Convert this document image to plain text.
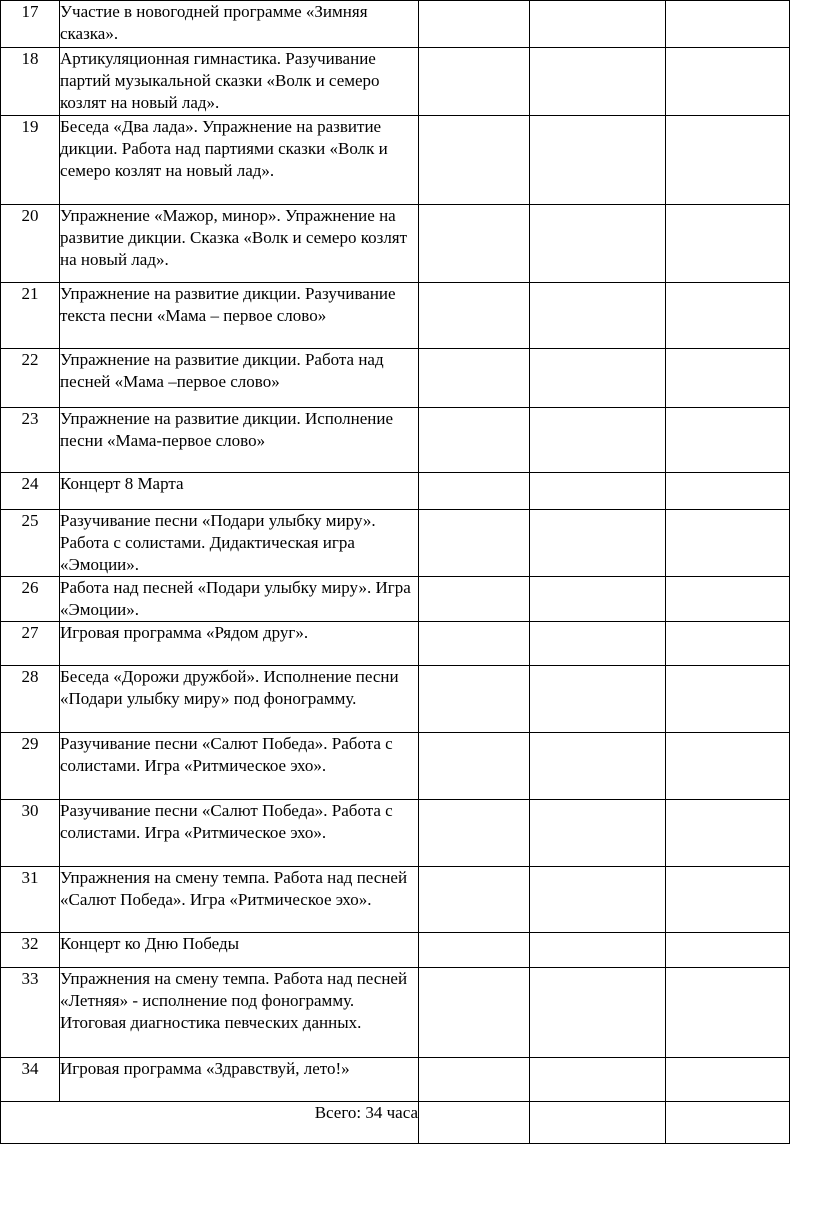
17	Участие в новогодней программе «Зимняя сказка».			
18	Артикуляционная гимнастика. Разучивание партий музыкальной сказки «Волк и семеро козлят на новый лад».			
19	Беседа «Два лада». Упражнение на развитие дикции. Работа над партиями сказки «Волк и семеро козлят на новый лад».			
20	Упражнение «Мажор, минор». Упражнение на развитие дикции. Сказка «Волк и семеро козлят на новый лад».			
21	Упражнение на развитие дикции. Разучивание текста песни «Мама – первое слово»			
22	Упражнение на развитие дикции. Работа над песней «Мама –первое слово»			
23	Упражнение на развитие дикции. Исполнение песни «Мама-первое слово»			
24	Концерт 8 Марта			
25	Разучивание песни «Подари улыбку миру». Работа с солистами. Дидактическая игра «Эмоции».			
26	Работа над песней «Подари улыбку миру». Игра «Эмоции».			
27	Игровая программа «Рядом друг».			
28	Беседа «Дорожи дружбой». Исполнение песни «Подари улыбку миру» под фонограмму.			
29	Разучивание песни «Салют Победа». Работа с солистами. Игра «Ритмическое эхо».			
30	Разучивание песни «Салют Победа». Работа с солистами. Игра «Ритмическое эхо».			
31	Упражнения на смену темпа. Работа над песней «Салют Победа». Игра «Ритмическое эхо».			
32	Концерт ко Дню Победы			
33	Упражнения на смену темпа. Работа над песней «Летняя» - исполнение под фонограмму. Итоговая диагностика певческих данных.			
34	Игровая программа «Здравствуй, лето!»			
Всего: 34 часа				
